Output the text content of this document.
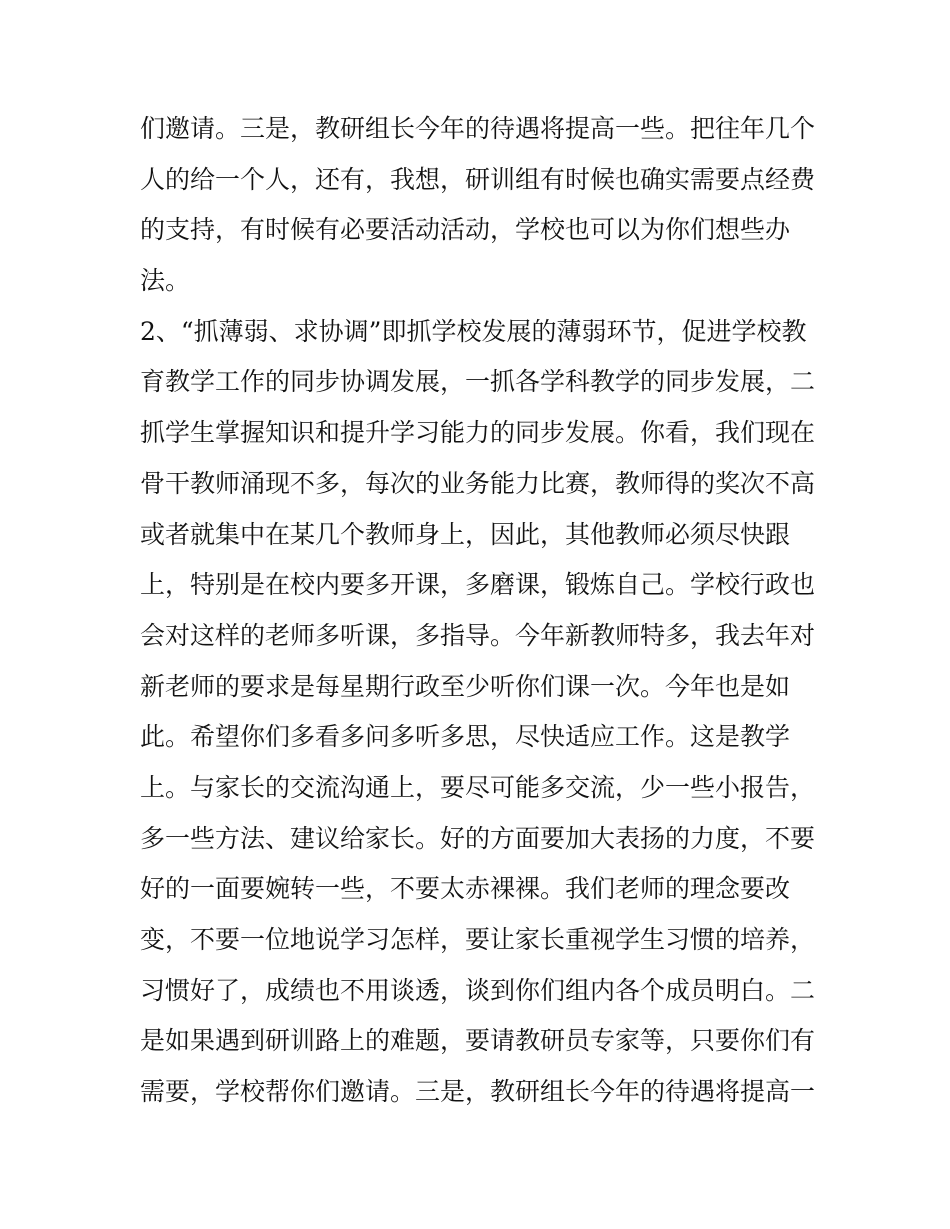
们邀请。三是，教研组长今年的待遇将提高一些。把往年几个
人的给一个人，还有，我想，研训组有时候也确实需要点经费
的支持，有时候有必要活动活动，学校也可以为你们想些办
法。
2、“抓薄弱、求协调”即抓学校发展的薄弱环节，促进学校教
育教学工作的同步协调发展，一抓各学科教学的同步发展，二
抓学生掌握知识和提升学习能力的同步发展。你看，我们现在
骨干教师涌现不多，每次的业务能力比赛，教师得的奖次不高
或者就集中在某几个教师身上，因此，其他教师必须尽快跟
上，特别是在校内要多开课，多磨课，锻炼自己。学校行政也
会对这样的老师多听课，多指导。今年新教师特多，我去年对
新老师的要求是每星期行政至少听你们课一次。今年也是如
此。希望你们多看多问多听多思，尽快适应工作。这是教学
上。与家长的交流沟通上，要尽可能多交流，少一些小报告，
多一些方法、建议给家长。好的方面要加大表扬的力度，不要
好的一面要婉转一些，不要太赤裸裸。我们老师的理念要改
变，不要一位地说学习怎样，要让家长重视学生习惯的培养，
习惯好了，成绩也不用谈透，谈到你们组内各个成员明白。二
是如果遇到研训路上的难题，要请教研员专家等，只要你们有
需要，学校帮你们邀请。三是，教研组长今年的待遇将提高一
